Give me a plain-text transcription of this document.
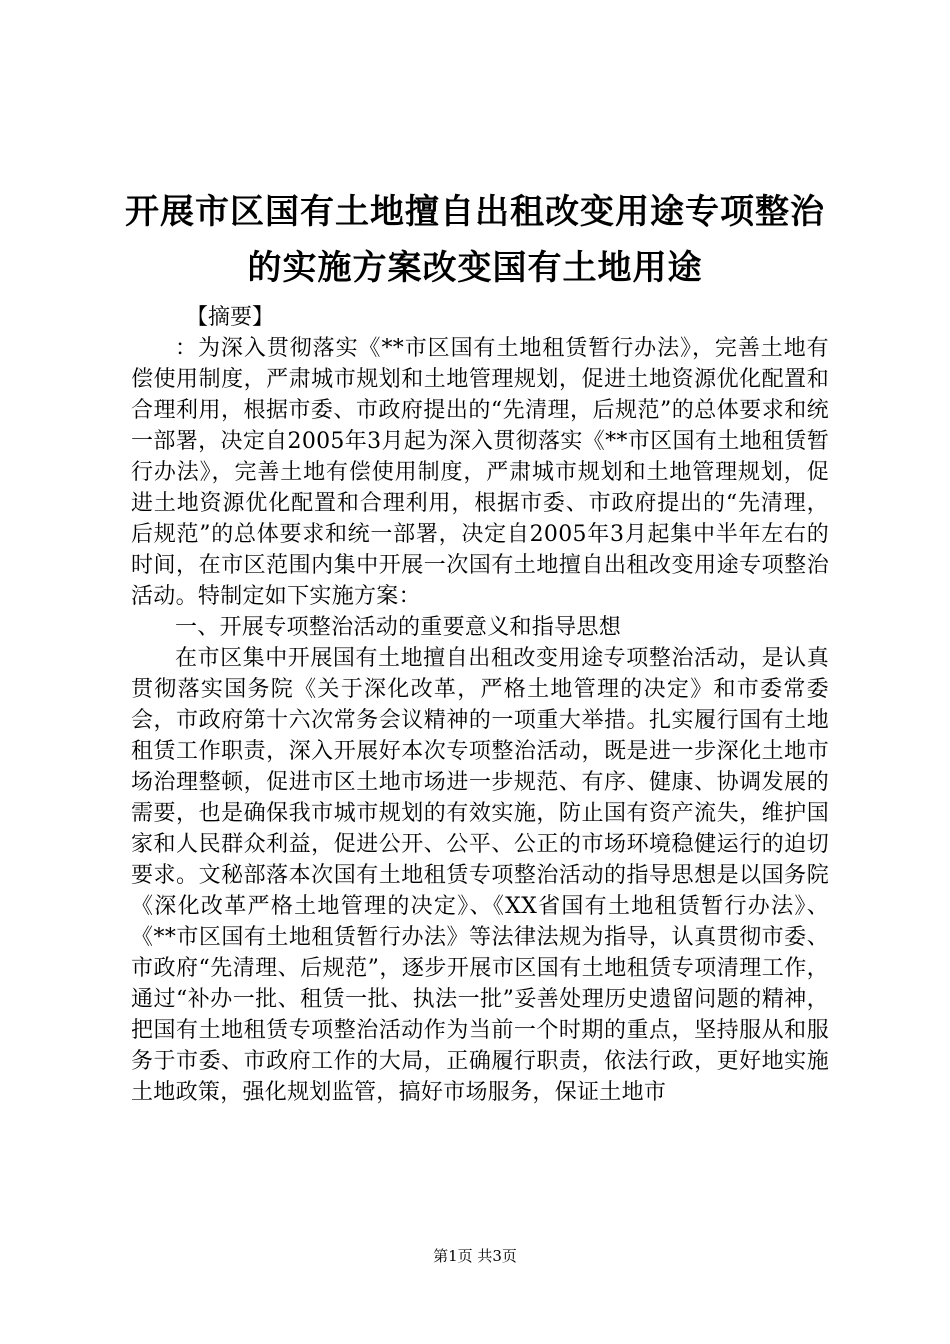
开展市区国有土地擅自出租改变用途专项整治的实施方案改变国有土地用途
【摘要】

：为深入贯彻落实《**市区国有土地租赁暂行办法》，完善土地有偿使用制度，严肃城市规划和土地管理规划，促进土地资源优化配置和合理利用，根据市委、市政府提出的“先清理，后规范”的总体要求和统一部署，决定自2005年3月起为深入贯彻落实《**市区国有土地租赁暂行办法》，完善土地有偿使用制度，严肃城市规划和土地管理规划，促进土地资源优化配置和合理利用，根据市委、市政府提出的“先清理，后规范”的总体要求和统一部署，决定自2005年3月起集中半年左右的时间，在市区范围内集中开展一次国有土地擅自出租改变用途专项整治活动。特制定如下实施方案：

一、开展专项整治活动的重要意义和指导思想

在市区集中开展国有土地擅自出租改变用途专项整治活动，是认真贯彻落实国务院《关于深化改革，严格土地管理的决定》和市委常委会，市政府第十六次常务会议精神的一项重大举措。扎实履行国有土地租赁工作职责，深入开展好本次专项整治活动，既是进一步深化土地市场治理整顿，促进市区土地市场进一步规范、有序、健康、协调发展的需要，也是确保我市城市规划的有效实施，防止国有资产流失，维护国家和人民群众利益，促进公开、公平、公正的市场环境稳健运行的迫切要求。文秘部落本次国有土地租赁专项整治活动的指导思想是以国务院《深化改革严格土地管理的决定》、《XX省国有土地租赁暂行办法》、《**市区国有土地租赁暂行办法》等法律法规为指导，认真贯彻市委、市政府“先清理、后规范”，逐步开展市区国有土地租赁专项清理工作，通过“补办一批、租赁一批、执法一批”妥善处理历史遗留问题的精神，把国有土地租赁专项整治活动作为当前一个时期的重点，坚持服从和服务于市委、市政府工作的大局，正确履行职责，依法行政，更好地实施土地政策，强化规划监管，搞好市场服务，保证土地市

第1页 共3页
